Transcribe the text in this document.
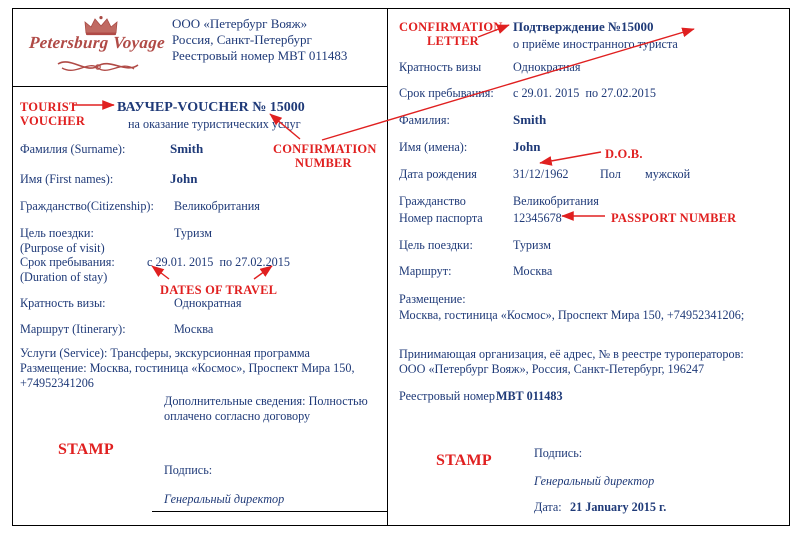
Petersburg Voyage
ООО «Петербург Вояж»
Россия, Санкт-Петербург
Реестровый номер МВТ 011483
TOURIST
VOUCHER
ВАУЧЕР-VOUCHER № 15000
на оказание туристических услуг
CONFIRMATION
NUMBER
Фамилия (Surname):	Smith
Имя (First names):	John
Гражданство(Citizenship): Великобритания
Цель поездки:
(Purpose of visit)
Туризм
Срок пребывания:
(Duration of stay)
с 29.01. 2015  по 27.02.2015
DATES OF TRAVEL
Кратность визы:	Однократная
Маршрут (Itinerary):	Москва
Услуги (Service): Трансферы, экскурсионная программа
Размещение: Москва, гостиница «Космос», Проспект Мира 150,
+74952341206
Дополнительные сведения: Полностью
оплачено согласно договору
STAMP
Подпись:
Генеральный директор
CONFIRMATION
LETTER
Подтверждение №15000
о приёме иностранного туриста
Кратность визы	Однократная
Срок пребывания: с 29.01. 2015  по 27.02.2015
Фамилия:	Smith
Имя (имена):	John	D.O.B.
Дата рождения	31/12/1962	Пол мужской
Гражданство	Великобритания
Номер паспорта 12345678	PASSPORT NUMBER
Цель поездки:	Туризм
Маршрут:	Москва
Размещение:
Москва, гостиница «Космос», Проспект Мира 150, +74952341206;
Принимающая организация, её адрес, № в реестре туроператоров:
ООО «Петербург Вояж», Россия, Санкт-Петербург, 196247
Реестровый номер
МВТ 011483
STAMP	Подпись:
Генеральный директор
Дата: 21 January 2015 г.
